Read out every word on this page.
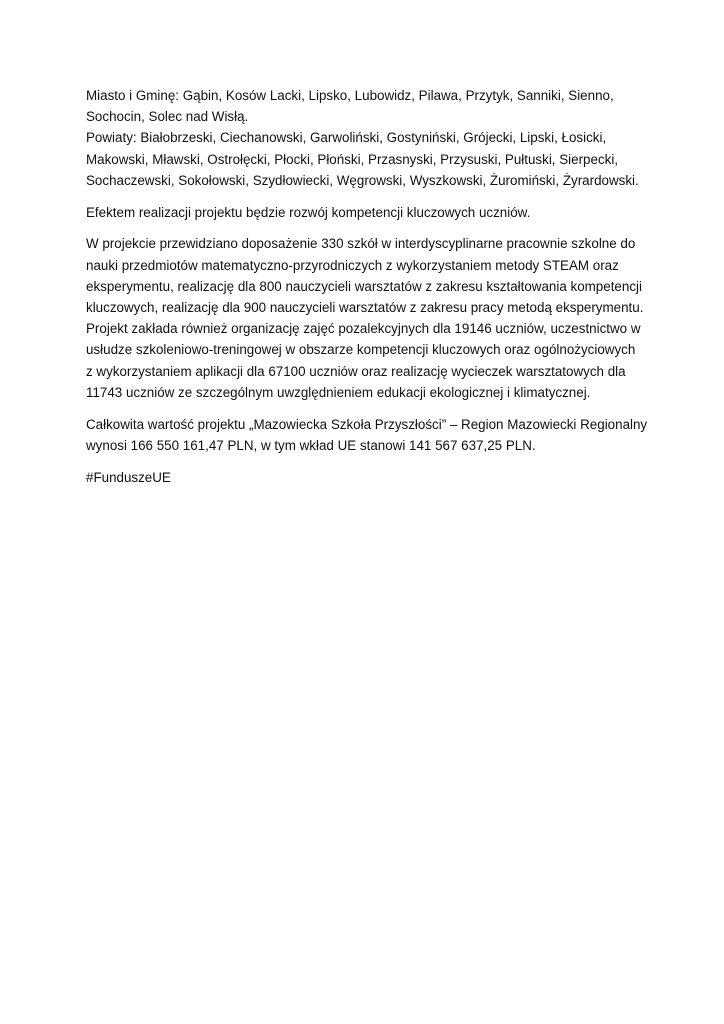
Miasto i Gminę: Gąbin, Kosów Lacki, Lipsko, Lubowidz, Pilawa, Przytyk, Sanniki, Sienno,
Sochocin, Solec nad Wisłą.
Powiaty: Białobrzeski, Ciechanowski, Garwoliński, Gostyniński, Grójecki, Lipski, Łosicki,
Makowski, Mławski, Ostrołęcki, Płocki, Płoński, Przasnyski, Przysuski, Pułtuski, Sierpecki,
Sochaczewski, Sokołowski, Szydłowiecki, Węgrowski, Wyszkowski, Żuromiński, Żyrardowski.

Efektem realizacji projektu będzie rozwój kompetencji kluczowych uczniów.

W projekcie przewidziano doposażenie 330 szkół w interdyscyplinarne pracownie szkolne do
nauki przedmiotów matematyczno-przyrodniczych z wykorzystaniem metody STEAM oraz
eksperymentu, realizację dla 800 nauczycieli warsztatów z zakresu kształtowania kompetencji
kluczowych, realizację dla 900 nauczycieli warsztatów z zakresu pracy metodą eksperymentu.
Projekt zakłada również organizację zajęć pozalekcyjnych dla 19146 uczniów, uczestnictwo w
usłudze szkoleniowo-treningowej w obszarze kompetencji kluczowych oraz ogólnożyciowych
z wykorzystaniem aplikacji dla 67100 uczniów oraz realizację wycieczek warsztatowych dla
11743 uczniów ze szczególnym uwzględnieniem edukacji ekologicznej i klimatycznej.

Całkowita wartość projektu „Mazowiecka Szkoła Przyszłości” – Region Mazowiecki Regionalny
wynosi 166 550 161,47 PLN, w tym wkład UE stanowi 141 567 637,25 PLN.

#FunduszeUE
